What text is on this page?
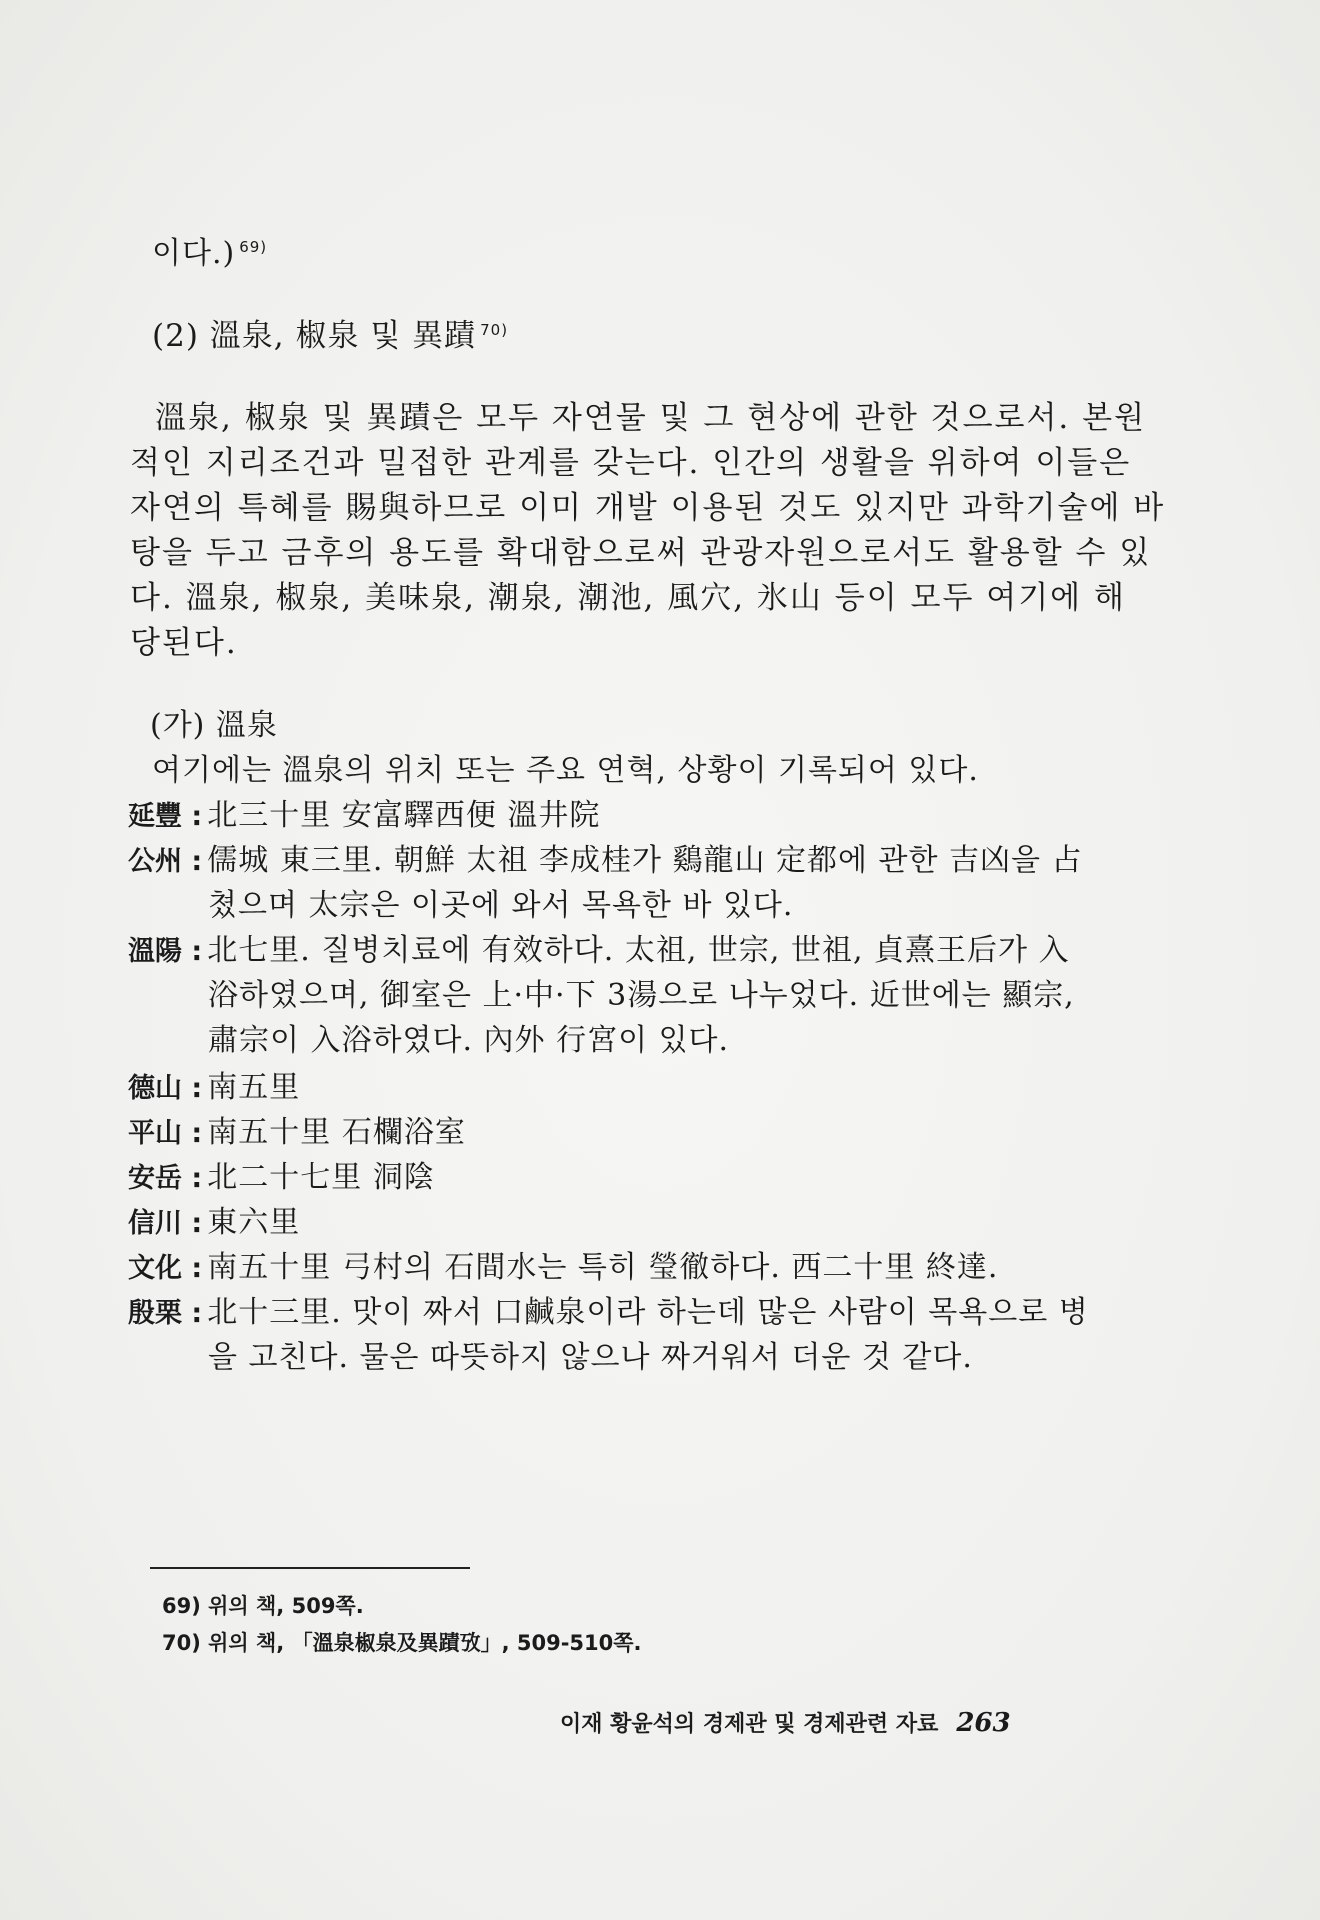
이다.) $^{69)}$
(2) 溫泉, 椒泉 및 異蹟 $^{70)}$
溫泉, 椒泉 및 異蹟은 모두 자연물 및 그 현상에 관한 것으로서. 본원
적인 지리조건과 밀접한 관계를 갖는다. 인간의 생활을 위하여 이들은
자연의 특혜를 賜與하므로 이미 개발 이용된 것도 있지만 과학기술에 바
탕을 두고 금후의 용도를 확대함으로써 관광자원으로서도 활용할 수 있
다. 溫泉, 椒泉, 美味泉, 潮泉, 潮池, 風穴, 氷山 등이 모두 여기에 해
당된다.
(가) 溫泉
여기에는 溫泉의 위치 또는 주요 연혁, 상황이 기록되어 있다.
延豐 : 北三十里 安富驛西便 溫井院
公州 : 儒城 東三里. 朝鮮 太祖 李成桂가 鷄龍山 定都에 관한 吉凶을 占
쳤으며 太宗은 이곳에 와서 목욕한 바 있다.
溫陽 : 北七里. 질병치료에 有效하다. 太祖, 世宗, 世祖, 貞熹王后가 入
浴하였으며, 御室은 上·中·下 3湯으로 나누었다. 近世에는 顯宗,
肅宗이 入浴하였다. 內外 行宮이 있다.
德山 : 南五里
平山 : 南五十里 石欄浴室
安岳 : 北二十七里 洞陰
信川 : 東六里
文化 : 南五十里 弓村의 石間水는 특히 瑩徹하다. 西二十里 終達.
殷栗 : 北十三里. 맛이 짜서 口鹹泉이라 하는데 많은 사람이 목욕으로 병
을 고친다. 물은 따뜻하지 않으나 짜거워서 더운 것 같다.
69) 위의 책, 509쪽.
70) 위의 책, 「溫泉椒泉及異蹟攷」, 509-510쪽.
이재 황윤석의 경제관 및 경제관련 자료 263
